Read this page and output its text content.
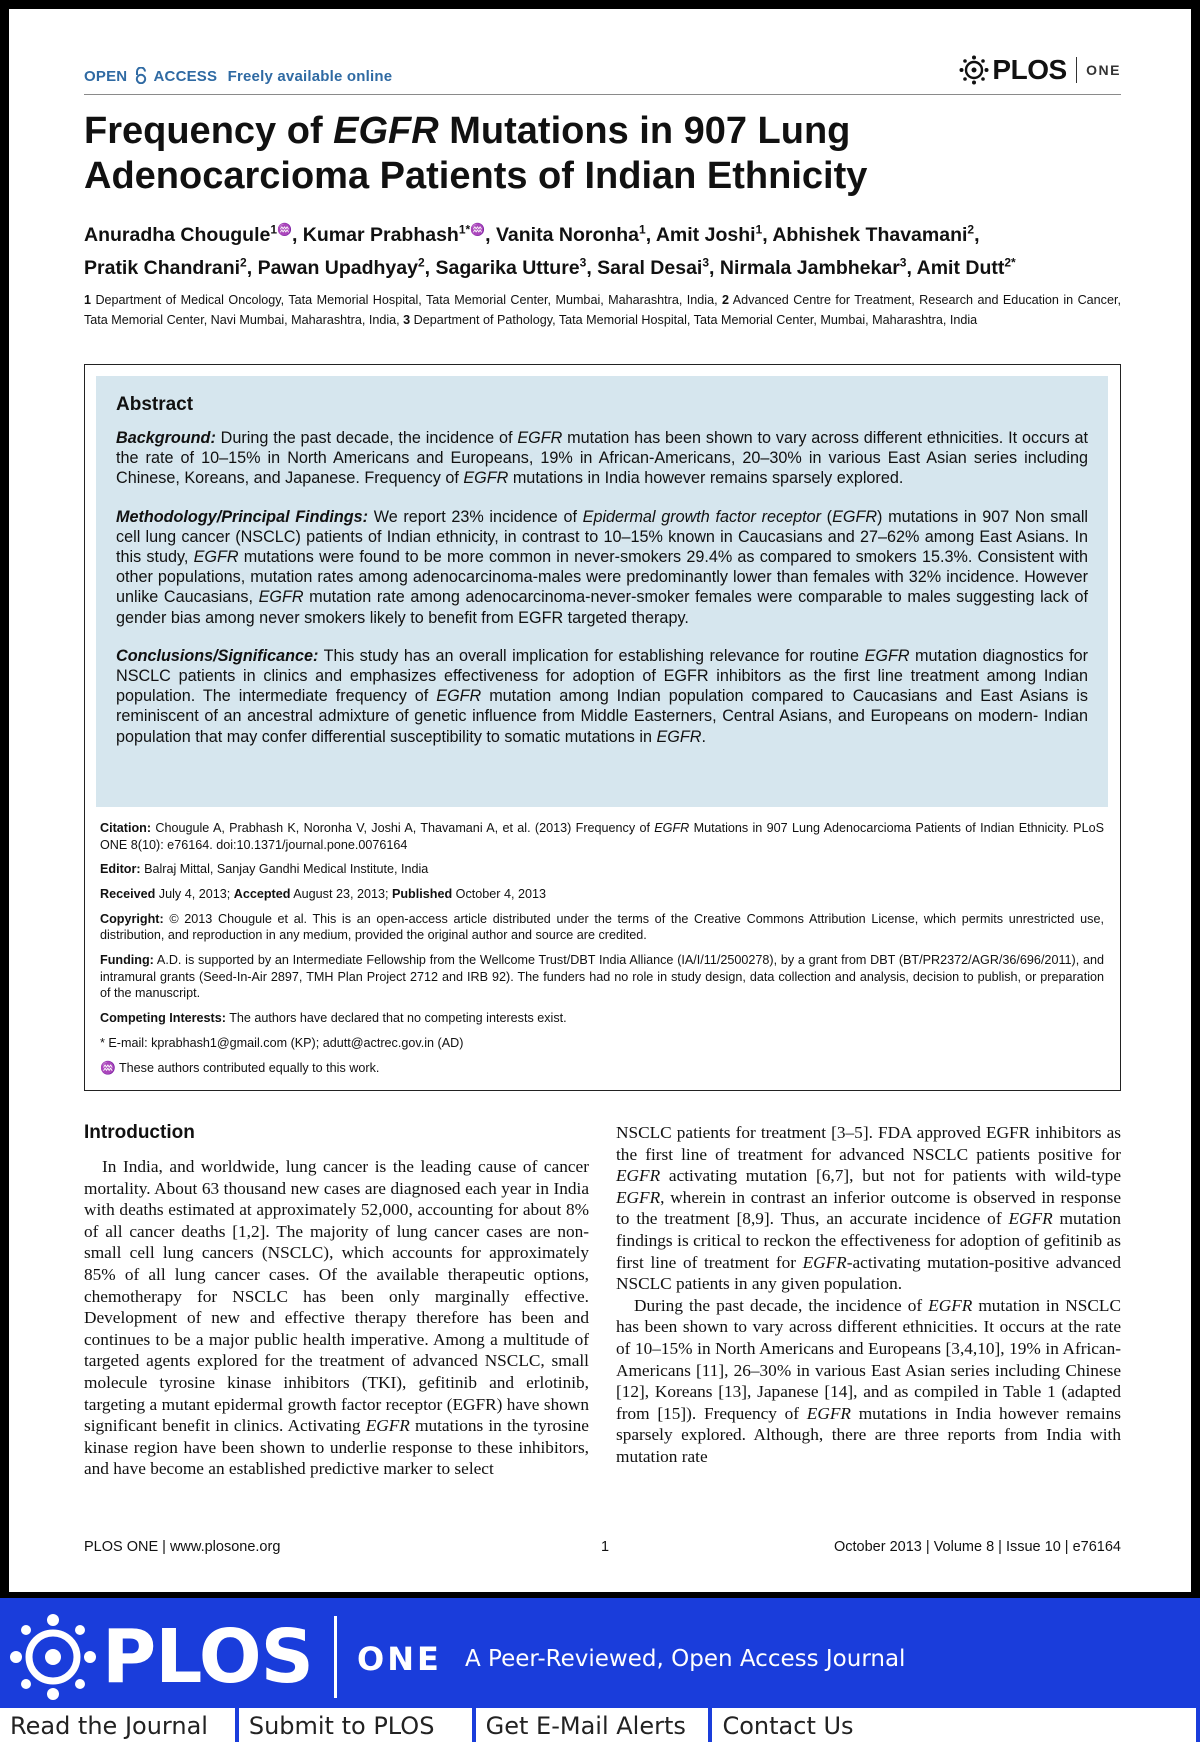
OPEN ACCESS Freely available online	PLOS ONE
Frequency of EGFR Mutations in 907 Lung
Adenocarcioma Patients of Indian Ethnicity
Anuradha Chougule$^{1♒}$, Kumar Prabhash$^{1*♒}$, Vanita Noronha$^1$, Amit Joshi$^1$, Abhishek Thavamani$^2$,
Pratik Chandrani$^2$, Pawan Upadhyay$^2$, Sagarika Utture$^3$, Saral Desai$^3$, Nirmala Jambhekar$^3$, Amit Dutt$^{2*}$
1 Department of Medical Oncology, Tata Memorial Hospital, Tata Memorial Center, Mumbai, Maharashtra, India, 2 Advanced Centre for Treatment, Research and Education in Cancer, Tata Memorial Center, Navi Mumbai, Maharashtra, India, 3 Department of Pathology, Tata Memorial Hospital, Tata Memorial Center, Mumbai, Maharashtra, India
Abstract

Background: During the past decade, the incidence of EGFR mutation has been shown to vary across different ethnicities. It occurs at the rate of 10–15% in North Americans and Europeans, 19% in African-Americans, 20–30% in various East Asian series including Chinese, Koreans, and Japanese. Frequency of EGFR mutations in India however remains sparsely explored.

Methodology/Principal Findings: We report 23% incidence of Epidermal growth factor receptor (EGFR) mutations in 907 Non small cell lung cancer (NSCLC) patients of Indian ethnicity, in contrast to 10–15% known in Caucasians and 27–62% among East Asians. In this study, EGFR mutations were found to be more common in never-smokers 29.4% as compared to smokers 15.3%. Consistent with other populations, mutation rates among adenocarcinoma-males were predominantly lower than females with 32% incidence. However unlike Caucasians, EGFR mutation rate among adenocarcinoma-never-smoker females were comparable to males suggesting lack of gender bias among never smokers likely to benefit from EGFR targeted therapy.

Conclusions/Significance: This study has an overall implication for establishing relevance for routine EGFR mutation diagnostics for NSCLC patients in clinics and emphasizes effectiveness for adoption of EGFR inhibitors as the first line treatment among Indian population. The intermediate frequency of EGFR mutation among Indian population compared to Caucasians and East Asians is reminiscent of an ancestral admixture of genetic influence from Middle Easterners, Central Asians, and Europeans on modern- Indian population that may confer differential susceptibility to somatic mutations in EGFR.

Citation: Chougule A, Prabhash K, Noronha V, Joshi A, Thavamani A, et al. (2013) Frequency of EGFR Mutations in 907 Lung Adenocarcioma Patients of Indian Ethnicity. PLoS ONE 8(10): e76164. doi:10.1371/journal.pone.0076164

Editor: Balraj Mittal, Sanjay Gandhi Medical Institute, India

Received July 4, 2013; Accepted August 23, 2013; Published October 4, 2013

Copyright: © 2013 Chougule et al. This is an open-access article distributed under the terms of the Creative Commons Attribution License, which permits unrestricted use, distribution, and reproduction in any medium, provided the original author and source are credited.

Funding: A.D. is supported by an Intermediate Fellowship from the Wellcome Trust/DBT India Alliance (IA/I/11/2500278), by a grant from DBT (BT/PR2372/AGR/36/696/2011), and intramural grants (Seed-In-Air 2897, TMH Plan Project 2712 and IRB 92). The funders had no role in study design, data collection and analysis, decision to publish, or preparation of the manuscript.

Competing Interests: The authors have declared that no competing interests exist.

* E-mail: kprabhash1@gmail.com (KP); adutt@actrec.gov.in (AD)

♒ These authors contributed equally to this work.

Introduction

In India, and worldwide, lung cancer is the leading cause of cancer mortality. About 63 thousand new cases are diagnosed each year in India with deaths estimated at approximately 52,000, accounting for about 8% of all cancer deaths [1,2]. The majority of lung cancer cases are non-small cell lung cancers (NSCLC), which accounts for approximately 85% of all lung cancer cases. Of the available therapeutic options, chemotherapy for NSCLC has been only marginally effective. Development of new and effective therapy therefore has been and continues to be a major public health imperative. Among a multitude of targeted agents explored for the treatment of advanced NSCLC, small molecule tyrosine kinase inhibitors (TKI), gefitinib and erlotinib, targeting a mutant epidermal growth factor receptor (EGFR) have shown significant benefit in clinics. Activating EGFR mutations in the tyrosine kinase region have been shown to underlie response to these inhibitors, and have become an established predictive marker to select

NSCLC patients for treatment [3–5]. FDA approved EGFR inhibitors as the first line of treatment for advanced NSCLC patients positive for EGFR activating mutation [6,7], but not for patients with wild-type EGFR, wherein in contrast an inferior outcome is observed in response to the treatment [8,9]. Thus, an accurate incidence of EGFR mutation findings is critical to reckon the effectiveness for adoption of gefitinib as first line of treatment for EGFR-activating mutation-positive advanced NSCLC patients in any given population.

During the past decade, the incidence of EGFR mutation in NSCLC has been shown to vary across different ethnicities. It occurs at the rate of 10–15% in North Americans and Europeans [3,4,10], 19% in African-Americans [11], 26–30% in various East Asian series including Chinese [12], Koreans [13], Japanese [14], and as compiled in Table 1 (adapted from [15]). Frequency of EGFR mutations in India however remains sparsely explored. Although, there are three reports from India with mutation rate

PLOS ONE | www.plosone.org	1	October 2013 | Volume 8 | Issue 10 | e76164
PLOS ONE A Peer-Reviewed, Open Access Journal
Read the Journal	Submit to PLOS	Get E-Mail Alerts	Contact Us
